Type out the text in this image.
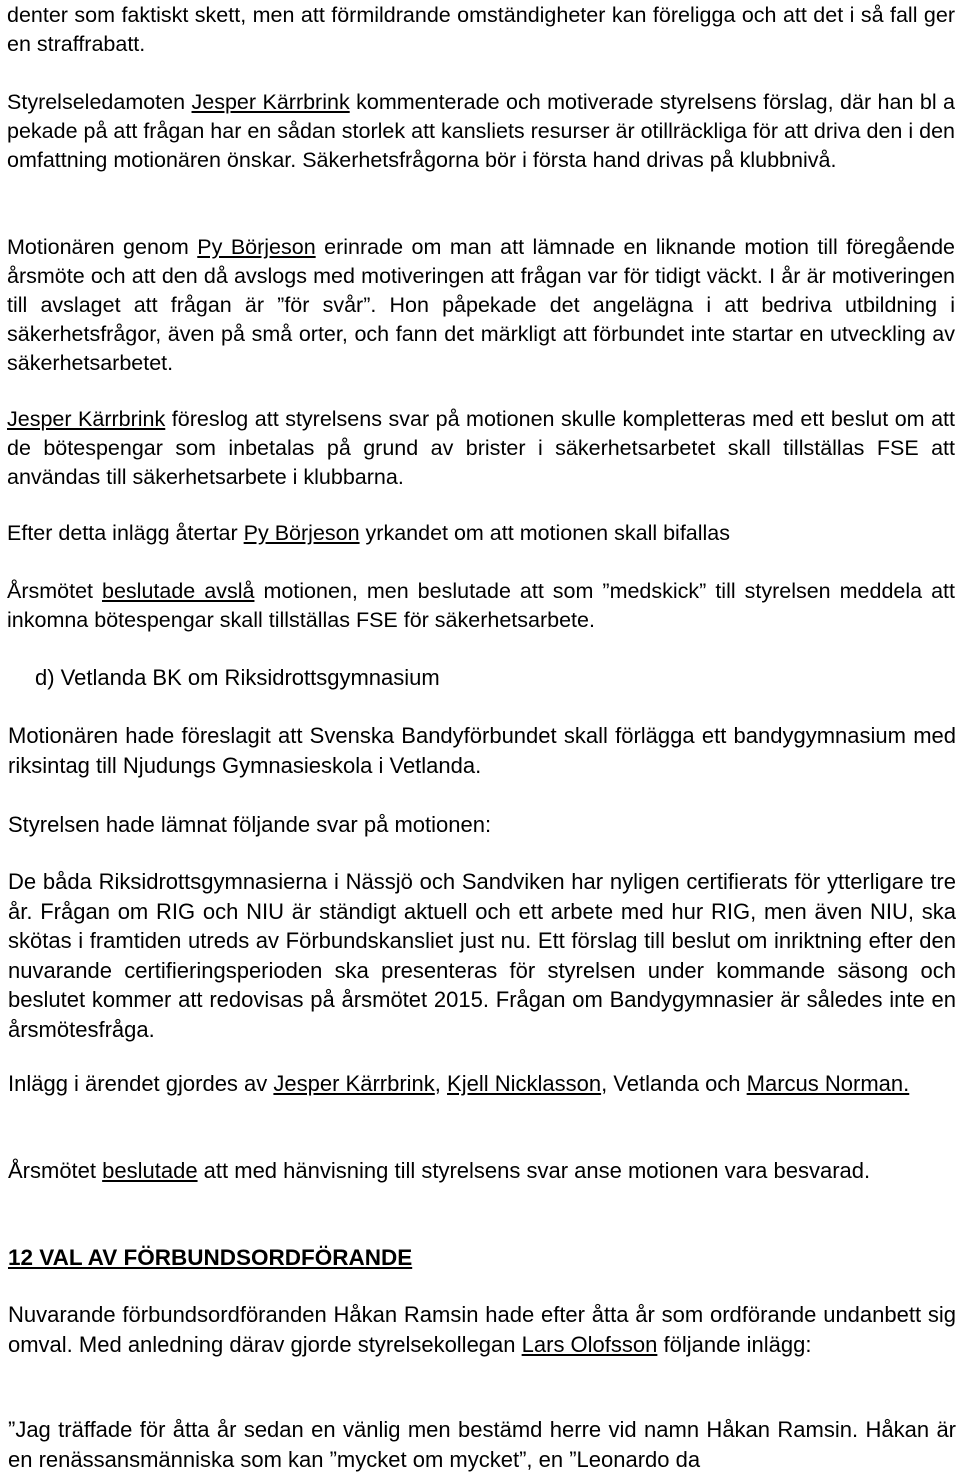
denter som faktiskt skett, men att förmildrande omständigheter kan föreligga och att det i så fall ger en straffrabatt.

Styrelseledamoten Jesper Kärrbrink kommenterade och motiverade styrelsens förslag, där han bl a pekade på att frågan har en sådan storlek att kansliets resurser är otillräckliga för att driva den i den omfattning motionären önskar. Säkerhetsfrågorna bör i första hand drivas på klubbnivå.

Motionären genom Py Börjeson erinrade om man att lämnade en liknande motion till föregående årsmöte och att den då avslogs med motiveringen att frågan var för tidigt väckt. I år är motiveringen till avslaget att frågan är ”för svår”. Hon påpekade det angelägna i att bedriva utbildning i säkerhetsfrågor, även på små orter, och fann det märkligt att förbundet inte startar en utveckling av säkerhetsarbetet.

Jesper Kärrbrink föreslog att styrelsens svar på motionen skulle kompletteras med ett beslut om att de bötespengar som inbetalas på grund av brister i säkerhetsarbetet skall tillställas FSE att användas till säkerhetsarbete i klubbarna.

Efter detta inlägg återtar Py Börjeson yrkandet om att motionen skall bifallas

Årsmötet beslutade avslå motionen, men beslutade att som ”medskick” till styrelsen meddela att inkomna bötespengar skall tillställas FSE för säkerhetsarbete.

d) Vetlanda BK om Riksidrottsgymnasium

Motionären hade föreslagit att Svenska Bandyförbundet skall förlägga ett bandygymnasium med riksintag till Njudungs Gymnasieskola i Vetlanda.

Styrelsen hade lämnat följande svar på motionen:

De båda Riksidrottsgymnasierna i Nässjö och Sandviken har nyligen certifierats för ytterligare tre år. Frågan om RIG och NIU är ständigt aktuell och ett arbete med hur RIG, men även NIU, ska skötas i framtiden utreds av Förbundskansliet just nu. Ett förslag till beslut om inriktning efter den nuvarande certifieringsperioden ska presenteras för styrelsen under kommande säsong och beslutet kommer att redovisas på årsmötet 2015. Frågan om Bandygymnasier är således inte en årsmötesfråga.

Inlägg i ärendet gjordes av Jesper Kärrbrink, Kjell Nicklasson, Vetlanda och Marcus Norman.

Årsmötet beslutade att med hänvisning till styrelsens svar anse motionen vara besvarad.

12 VAL AV FÖRBUNDSORDFÖRANDE

Nuvarande förbundsordföranden Håkan Ramsin hade efter åtta år som ordförande undanbett sig omval. Med anledning därav gjorde styrelsekollegan Lars Olofsson följande inlägg:

”Jag träffade för åtta år sedan en vänlig men bestämd herre vid namn Håkan Ramsin. Håkan är en renässansmänniska som kan ”mycket om mycket”, en ”Leonardo da
